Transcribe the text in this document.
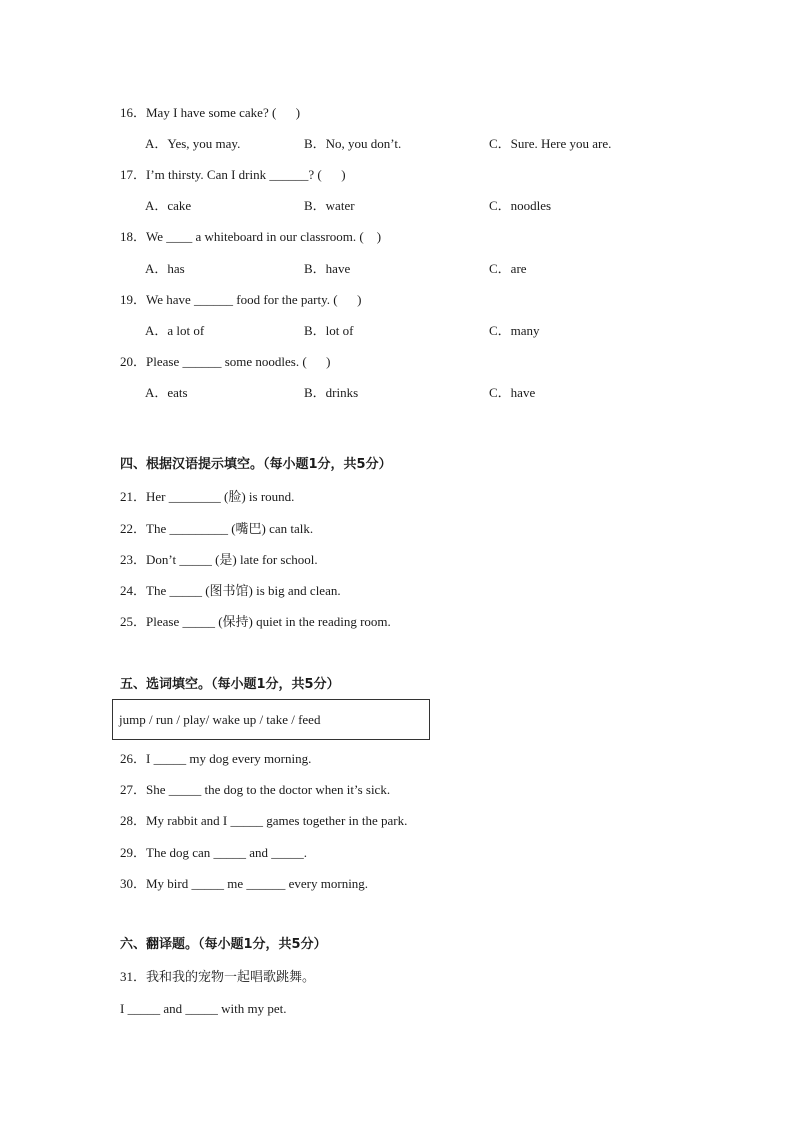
16．May I have some cake? (      )
A．Yes, you may.	B．No, you don’t.	C．Sure. Here you are.
17．I’m thirsty. Can I drink ______? (      )
A．cake	B．water	C．noodles
18．We ____ a whiteboard in our classroom. (    )
A．has	B．have	C．are
19．We have ______ food for the party. (      )
A．a lot of	B．lot of	C．many
20．Please ______ some noodles. (      )
A．eats	B．drinks	C．have
四、根据汉语提示填空。（每小题1分，共5分）
21．Her ________ (脸) is round.
22．The _________ (嘴巴) can talk.
23．Don’t _____ (是) late for school.
24．The _____ (图书馆) is big and clean.
25．Please _____ (保持) quiet in the reading room.
五、选词填空。（每小题1分，共5分）
jump / run / play/ wake up / take / feed
26．I _____ my dog every morning.
27．She _____ the dog to the doctor when it’s sick.
28．My rabbit and I _____ games together in the park.
29．The dog can _____ and _____.
30．My bird _____ me ______ every morning.
六、翻译题。（每小题1分，共5分）
31．我和我的宠物一起唱歌跳舞。
I _____ and _____ with my pet.
